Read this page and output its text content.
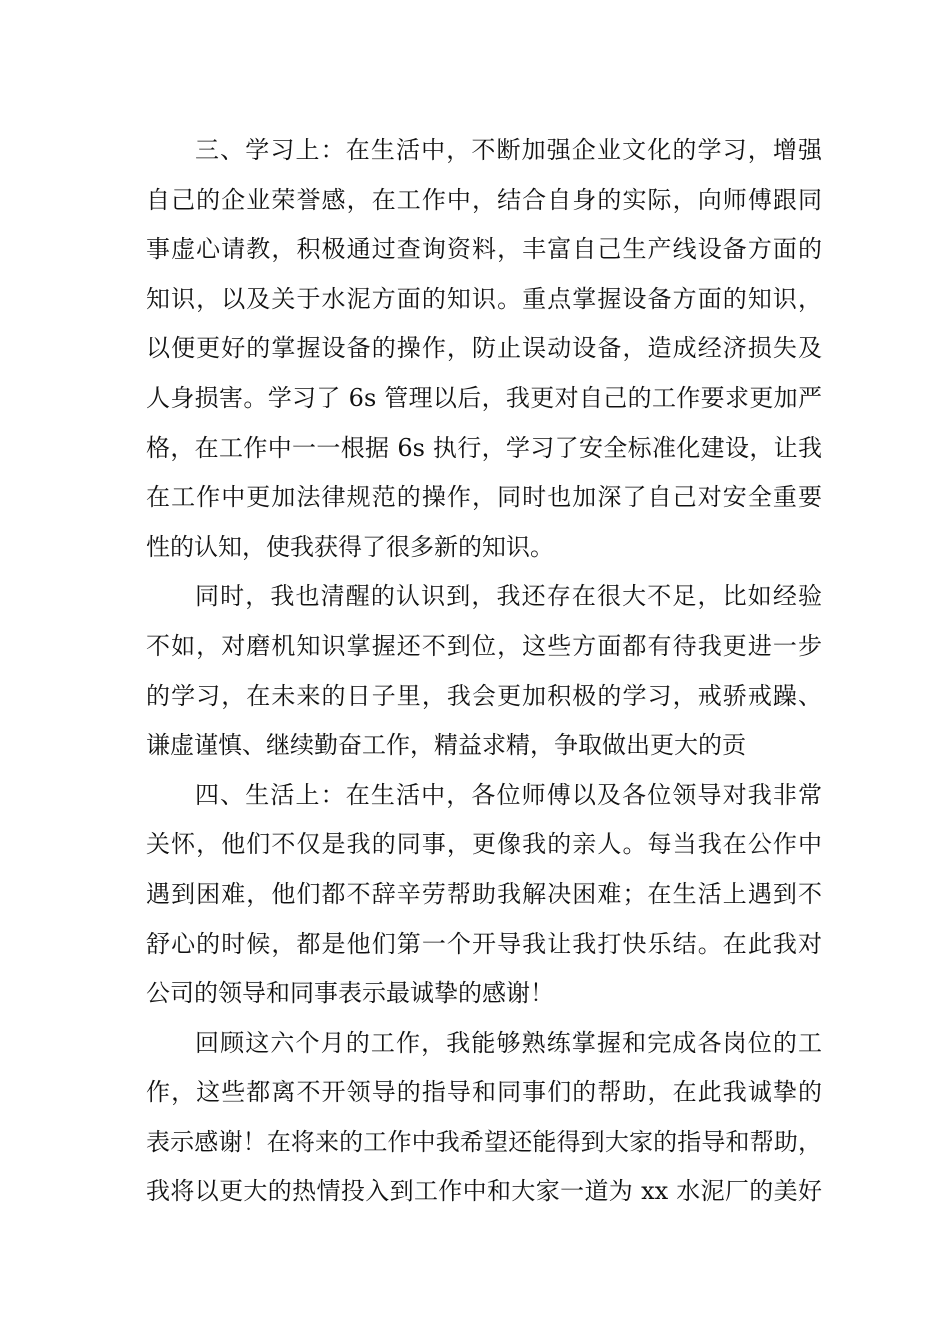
三、学习上：在生活中，不断加强企业文化的学习，增强
自己的企业荣誉感，在工作中，结合自身的实际，向师傅跟同
事虚心请教，积极通过查询资料，丰富自己生产线设备方面的
知识，以及关于水泥方面的知识。重点掌握设备方面的知识，
以便更好的掌握设备的操作，防止误动设备，造成经济损失及
人身损害。学习了 6s 管理以后，我更对自己的工作要求更加严
格，在工作中一一根据 6s 执行，学习了安全标准化建设，让我
在工作中更加法律规范的操作，同时也加深了自己对安全重要
性的认知，使我获得了很多新的知识。
同时，我也清醒的认识到，我还存在很大不足，比如经验
不如，对磨机知识掌握还不到位，这些方面都有待我更进一步
的学习，在未来的日子里，我会更加积极的学习，戒骄戒躁、
谦虚谨慎、继续勤奋工作，精益求精，争取做出更大的贡
四、生活上：在生活中，各位师傅以及各位领导对我非常
关怀，他们不仅是我的同事，更像我的亲人。每当我在公作中
遇到困难，他们都不辞辛劳帮助我解决困难；在生活上遇到不
舒心的时候，都是他们第一个开导我让我打快乐结。在此我对
公司的领导和同事表示最诚挚的感谢！
回顾这六个月的工作，我能够熟练掌握和完成各岗位的工
作，这些都离不开领导的指导和同事们的帮助，在此我诚挚的
表示感谢！在将来的工作中我希望还能得到大家的指导和帮助，
我将以更大的热情投入到工作中和大家一道为 xx 水泥厂的美好
